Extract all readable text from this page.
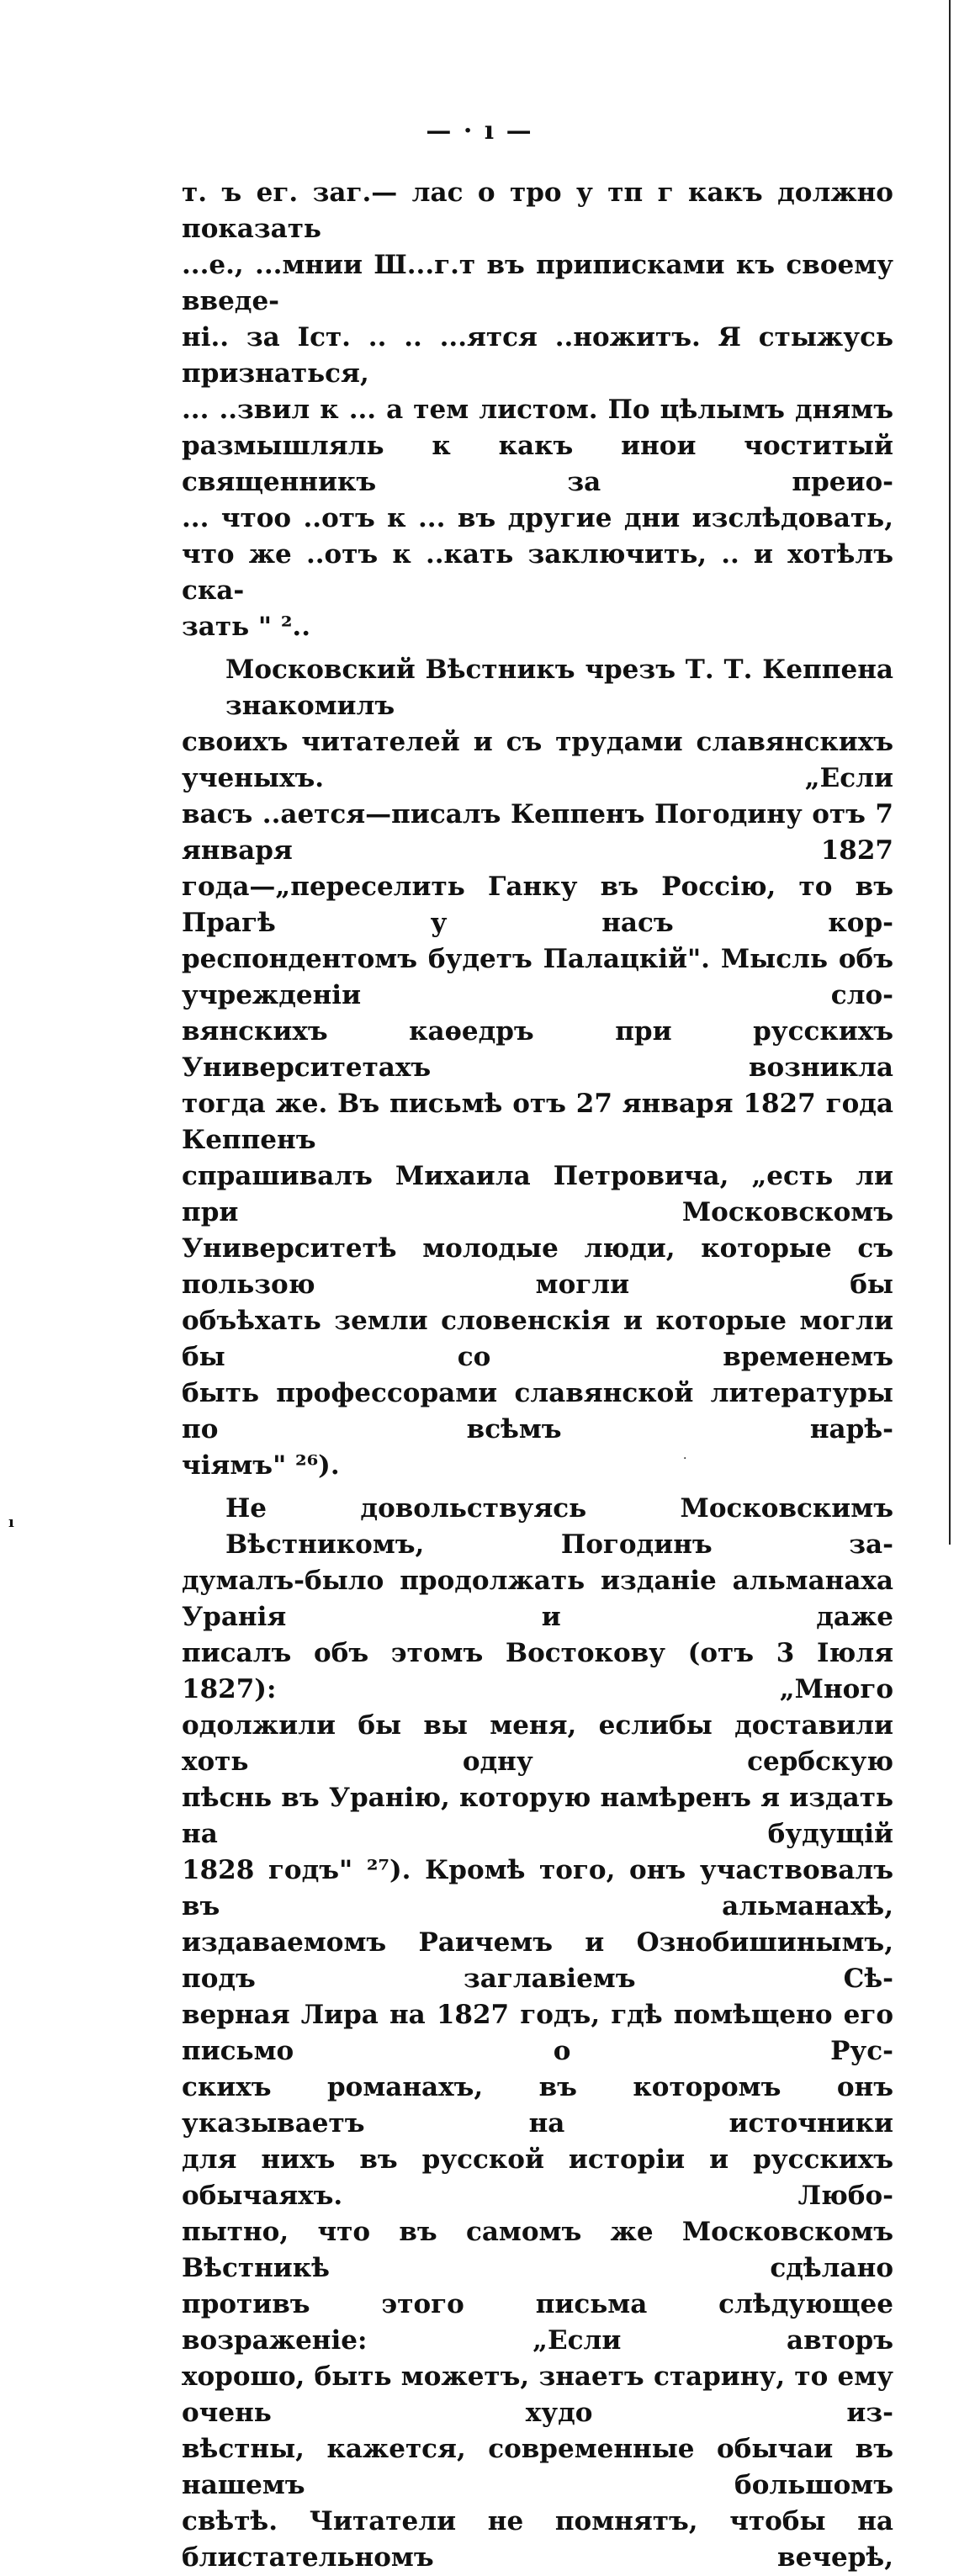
— · ı —

т. ъ ег. заг.— лас о тро у тп г какъ должно показать
...е., ...мнии Ш...г.т въ приписками къ своему введе-
ні.. за Іст. .. .. ...ятся ..ножитъ. Я стыжусь признаться,
... ..звил к ... а тем листом. По цѣлымъ днямъ
размышляль к какъ инои чоститый священникъ за преио-
... чтоо ..отъ к ... въ другие дни изслѣдовать,
что же ..отъ к ..кать заключить, .. и хотѣлъ ска-
зать " ²..

Московский Вѣстникъ чрезъ Т. Т. Кеппена знакомилъ
своихъ читателей и съ трудами славянскихъ ученыхъ. „Если
васъ ..ается—писалъ Кеппенъ Погодину отъ 7 января 1827
года—„переселить Ганку въ Россію, то въ Прагѣ у насъ кор-
респондентомъ будетъ Палацкій". Мысль объ учрежденіи сло-
вянскихъ каѳедръ при русскихъ Университетахъ возникла
тогда же. Въ письмѣ отъ 27 января 1827 года Кеппенъ
спрашивалъ Михаила Петровича, „есть ли при Московскомъ
Университетѣ молодые люди, которые съ пользою могли бы
объѣхать земли словенскія и которые могли бы со временемъ
быть профессорами славянской литературы по всѣмъ нарѣ-
чіямъ" ²⁶).

Не довольствуясь Московскимъ Вѣстникомъ, Погодинъ за-
думалъ-было продолжать изданіе альманаха Уранія и даже
писалъ объ этомъ Востокову (отъ 3 Іюля 1827): „Много
одолжили бы вы меня, еслибы доставили хоть одну сербскую
пѣснь въ Уранію, которую намѣренъ я издать на будущій
1828 годъ" ²⁷). Кромѣ того, онъ участвовалъ въ альманахѣ,
издаваемомъ Раичемъ и Ознобишинымъ, подъ заглавіемъ Сѣ-
верная Лира на 1827 годъ, гдѣ помѣщено его письмо о Рус-
скихъ романахъ, въ которомъ онъ указываетъ на источники
для нихъ въ русской исторіи и русскихъ обычаяхъ. Любо-
пытно, что въ самомъ же Московскомъ Вѣстникѣ сдѣлано
противъ этого письма слѣдующее возраженіе: „Если авторъ
хорошо, быть можетъ, знаетъ старину, то ему очень худо из-
вѣстны, кажется, современные обычаи въ нашемъ большомъ
свѣтѣ. Читатели не помнятъ, чтобы на блистательномъ вечерѣ,

·
ı
